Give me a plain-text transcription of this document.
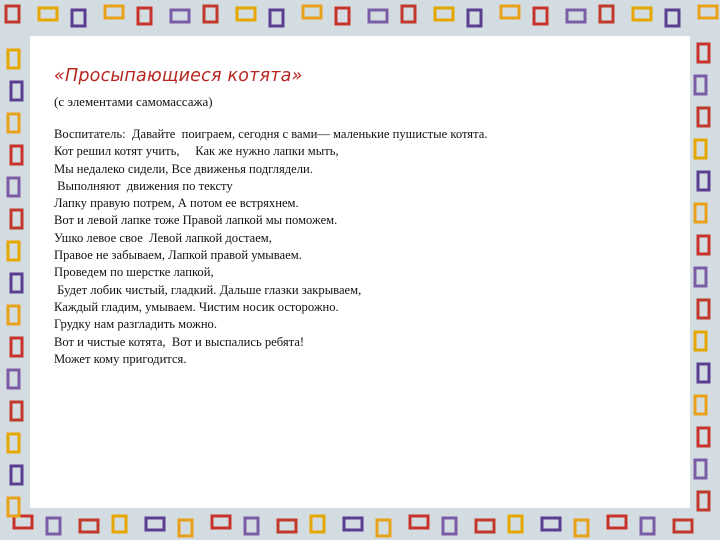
«Просыпающиеся котята»

(с элементами самомассажа)

Воспитатель:  Давайте  поиграем, сегодня с вами— маленькие пушистые котята.
Кот решил котят учить,     Как же нужно лапки мыть,
Мы недалеко сидели, Все движенья подглядели.
Выполняют  движения по тексту
Лапку правую потрем, А потом ее встряхнем.
Вот и левой лапке тоже Правой лапкой мы поможем.
Ушко левое свое  Левой лапкой достаем,
Правое не забываем, Лапкой правой умываем.
Проведем по шерстке лапкой,
Будет лобик чистый, гладкий. Дальше глазки закрываем,
Каждый гладим, умываем. Чистим носик осторожно.
Грудку нам разгладить можно.
Вот и чистые котята,  Вот и выспались ребята!
Может кому пригодится.
